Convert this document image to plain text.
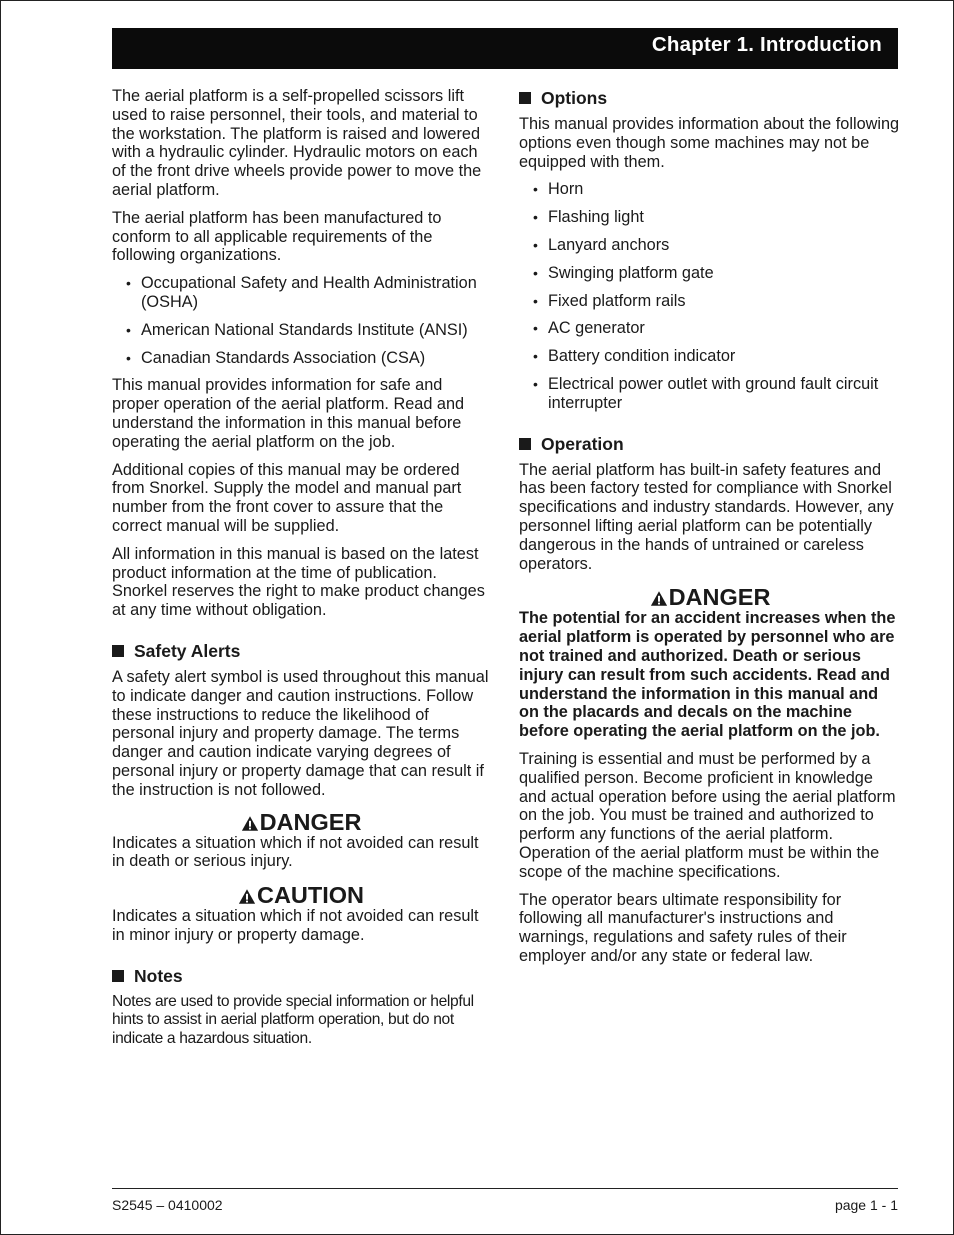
Chapter 1. Introduction

The aerial platform is a self-propelled scissors lift used to raise personnel, their tools, and material to the workstation. The platform is raised and lowered with a hydraulic cylinder. Hydraulic motors on each of the front drive wheels provide power to move the aerial platform.

The aerial platform has been manufactured to conform to all applicable requirements of the following organizations.

• Occupational Safety and Health Administration (OSHA)
• American National Standards Institute (ANSI)
• Canadian Standards Association (CSA)

This manual provides information for safe and proper operation of the aerial platform. Read and understand the information in this manual before operating the aerial platform on the job.

Additional copies of this manual may be ordered from Snorkel. Supply the model and manual part number from the front cover to assure that the correct manual will be supplied.

All information in this manual is based on the latest product information at the time of publication. Snorkel reserves the right to make product changes at any time without obligation.

Safety Alerts

A safety alert symbol is used throughout this manual to indicate danger and caution instructions. Follow these instructions to reduce the likelihood of personal injury and property damage. The terms danger and caution indicate varying degrees of personal injury or property damage that can result if the instruction is not followed.

DANGER

Indicates a situation which if not avoided can result in death or serious injury.

CAUTION

Indicates a situation which if not avoided can result in minor injury or property damage.

Notes

Notes are used to provide special information or helpful hints to assist in aerial platform operation, but do not indicate a hazardous situation.

Options

This manual provides information about the following options even though some machines may not be equipped with them.

• Horn
• Flashing light
• Lanyard anchors
• Swinging platform gate
• Fixed platform rails
• AC generator
• Battery condition indicator
• Electrical power outlet with ground fault circuit interrupter
Operation

The aerial platform has built-in safety features and has been factory tested for compliance with Snorkel specifications and industry standards. However, any personnel lifting aerial platform can be potentially dangerous in the hands of untrained or careless operators.

DANGER

The potential for an accident increases when the aerial platform is operated by personnel who are not trained and authorized. Death or serious injury can result from such accidents. Read and understand the information in this manual and on the placards and decals on the machine before operating the aerial platform on the job.

Training is essential and must be performed by a qualified person. Become proficient in knowledge and actual operation before using the aerial platform on the job. You must be trained and authorized to perform any functions of the aerial platform. Operation of the aerial platform must be within the scope of the machine specifications.

The operator bears ultimate responsibility for following all manufacturer's instructions and warnings, regulations and safety rules of their employer and/or any state or federal law.

S2545 – 0410002	page 1 - 1
